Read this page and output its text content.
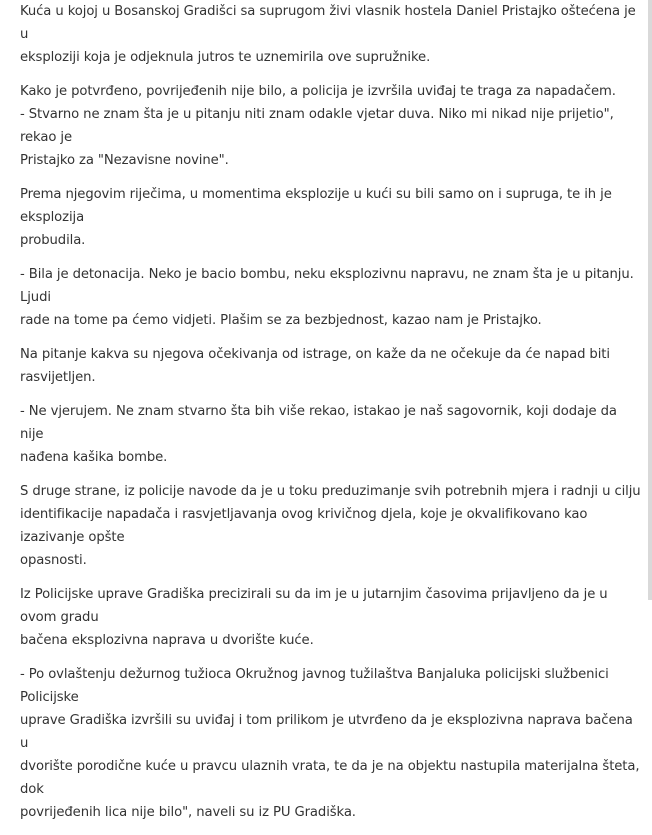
Kuća u kojoj u Bosanskoj Gradišci sa suprugom živi vlasnik hostela Daniel Pristajko oštećena je u
eksploziji koja je odjeknula jutros te uznemirila ove supružnike.

Kako je potvrđeno, povrijeđenih nije bilo, a policija je izvršila uviđaj te traga za napadačem.
- Stvarno ne znam šta je u pitanju niti znam odakle vjetar duva. Niko mi nikad nije prijetio", rekao je
Pristajko za "Nezavisne novine".

Prema njegovim riječima, u momentima eksplozije u kući su bili samo on i supruga, te ih je eksplozija
probudila.

- Bila je detonacija. Neko je bacio bombu, neku eksplozivnu napravu, ne znam šta je u pitanju. Ljudi
rade na tome pa ćemo vidjeti. Plašim se za bezbjednost, kazao nam je Pristajko.

Na pitanje kakva su njegova očekivanja od istrage, on kaže da ne očekuje da će napad biti rasvijetljen.

- Ne vjerujem. Ne znam stvarno šta bih više rekao, istakao je naš sagovornik, koji dodaje da nije
nađena kašika bombe.

S druge strane, iz policije navode da je u toku preduzimanje svih potrebnih mjera i radnji u cilju
identifikacije napadača i rasvjetljavanja ovog krivičnog djela, koje je okvalifikovano kao izazivanje opšte
opasnosti.

Iz Policijske uprave Gradiška precizirali su da im je u jutarnjim časovima prijavljeno da je u ovom gradu
bačena eksplozivna naprava u dvorište kuće.

- Po ovlaštenju dežurnog tužioca Okružnog javnog tužilaštva Banjaluka policijski službenici Policijske
uprave Gradiška izvršili su uviđaj i tom prilikom je utvrđeno da je eksplozivna naprava bačena u
dvorište porodične kuće u pravcu ulaznih vrata, te da je na objektu nastupila materijalna šteta, dok
povrijeđenih lica nije bilo", naveli su iz PU Gradiška.
